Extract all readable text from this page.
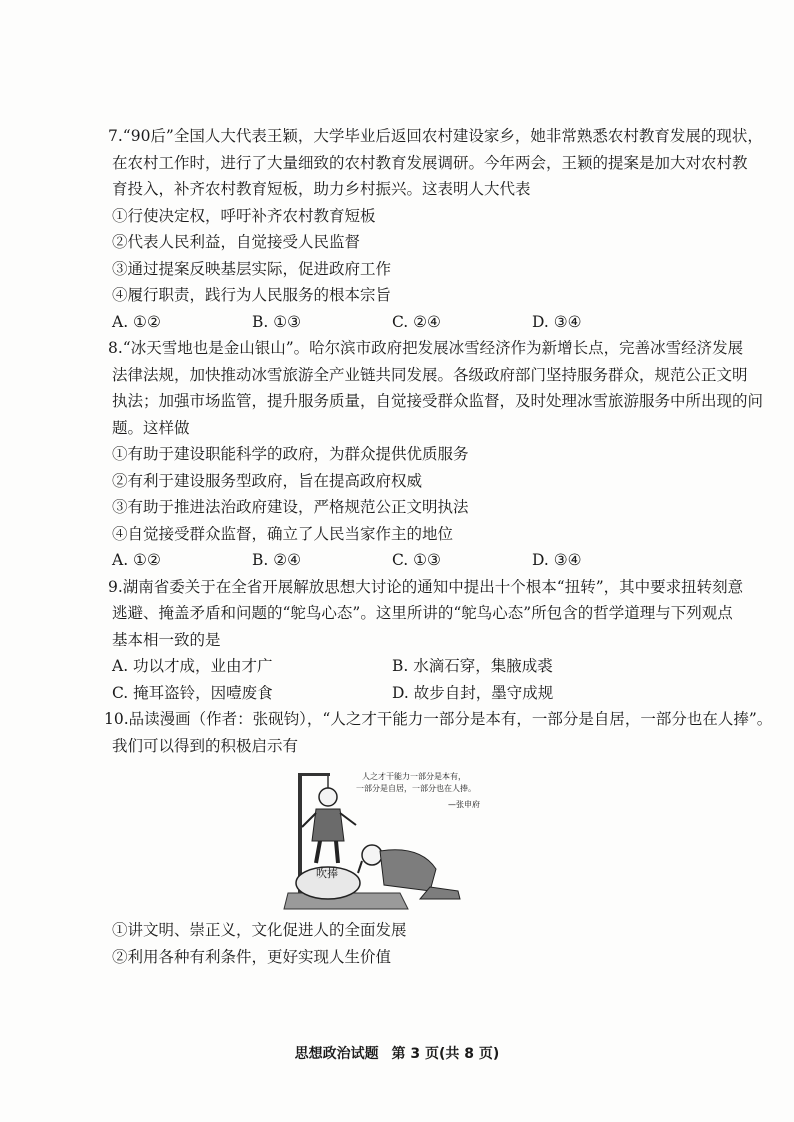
7.“90后”全国人大代表王颖，大学毕业后返回农村建设家乡，她非常熟悉农村教育发展的现状，
在农村工作时，进行了大量细致的农村教育发展调研。今年两会，王颖的提案是加大对农村教
育投入，补齐农村教育短板，助力乡村振兴。这表明人大代表
①行使决定权，呼吁补齐农村教育短板
②代表人民利益，自觉接受人民监督
③通过提案反映基层实际，促进政府工作
④履行职责，践行为人民服务的根本宗旨
A. ①②	B. ①③	C. ②④	D. ③④
8.“冰天雪地也是金山银山”。哈尔滨市政府把发展冰雪经济作为新增长点，完善冰雪经济发展
法律法规，加快推动冰雪旅游全产业链共同发展。各级政府部门坚持服务群众，规范公正文明
执法；加强市场监管，提升服务质量，自觉接受群众监督，及时处理冰雪旅游服务中所出现的问
题。这样做
①有助于建设职能科学的政府，为群众提供优质服务
②有利于建设服务型政府，旨在提高政府权威
③有助于推进法治政府建设，严格规范公正文明执法
④自觉接受群众监督，确立了人民当家作主的地位
A. ①②	B. ②④	C. ①③	D. ③④
9.湖南省委关于在全省开展解放思想大讨论的通知中提出十个根本“扭转”，其中要求扭转刻意
逃避、掩盖矛盾和问题的“鸵鸟心态”。这里所讲的“鸵鸟心态”所包含的哲学道理与下列观点
基本相一致的是
A. 功以才成，业由才广	B. 水滴石穿，集腋成裘
C. 掩耳盗铃，因噎废食	D. 故步自封，墨守成规
10.品读漫画（作者：张砚钧），“人之才干能力一部分是本有，一部分是自居，一部分也在人捧”。
我们可以得到的积极启示有
吹捧
人之才干能力一部分是本有，
一部分是自居，一部分也在人捧。
—张申府
①讲文明、崇正义，文化促进人的全面发展
②利用各种有利条件，更好实现人生价值
思想政治试题 第 3 页(共 8 页)
